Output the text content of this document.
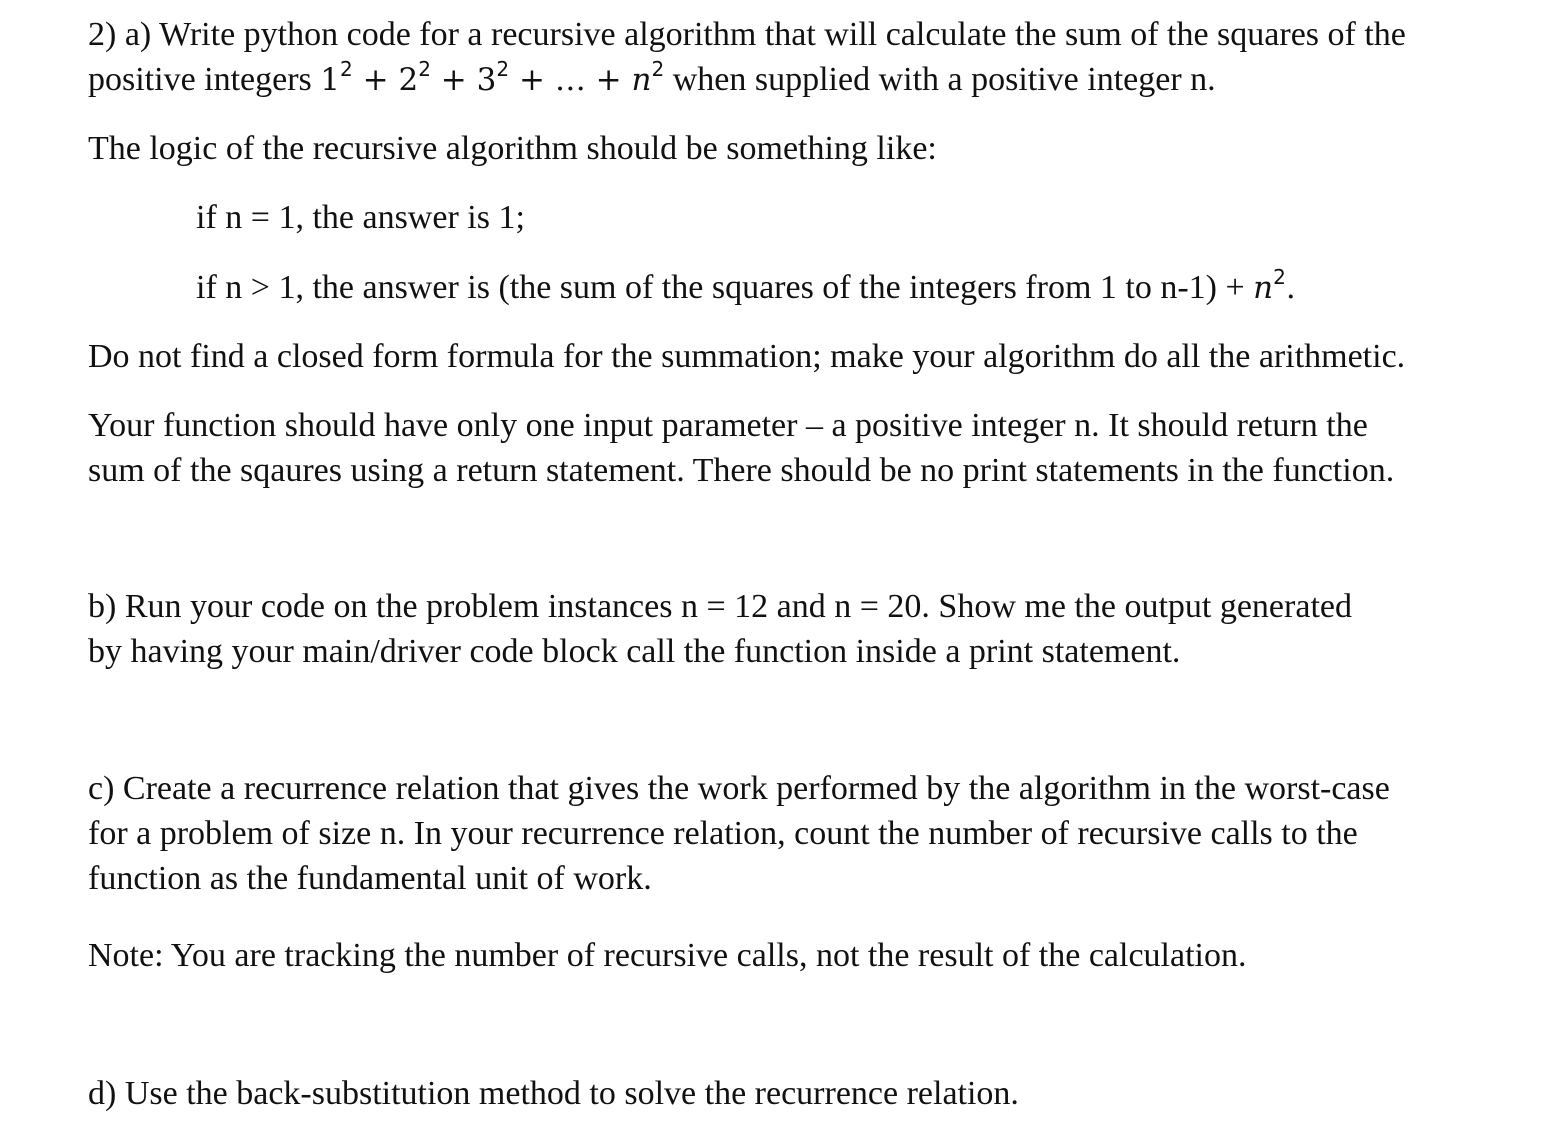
2) a) Write python code for a recursive algorithm that will calculate the sum of the squares of the
positive integers $1^2 + 2^2 + 3^2$ + … + $n^2$ when supplied with a positive integer n.

The logic of the recursive algorithm should be something like:

if n = 1, the answer is 1;

if n > 1, the answer is (the sum of the squares of the integers from 1 to $n-1) + n^2$.

Do not find a closed form formula for the summation; make your algorithm do all the arithmetic.

Your function should have only one input parameter – a positive integer n. It should return the
sum of the sqaures using a return statement. There should be no print statements in the function.

b) Run your code on the problem instances n = 12 and n = 20. Show me the output generated
by having your main/driver code block call the function inside a print statement.

c) Create a recurrence relation that gives the work performed by the algorithm in the worst-case
for a problem of size n. In your recurrence relation, count the number of recursive calls to the
function as the fundamental unit of work.

Note: You are tracking the number of recursive calls, not the result of the calculation.

d) Use the back-substitution method to solve the recurrence relation.
